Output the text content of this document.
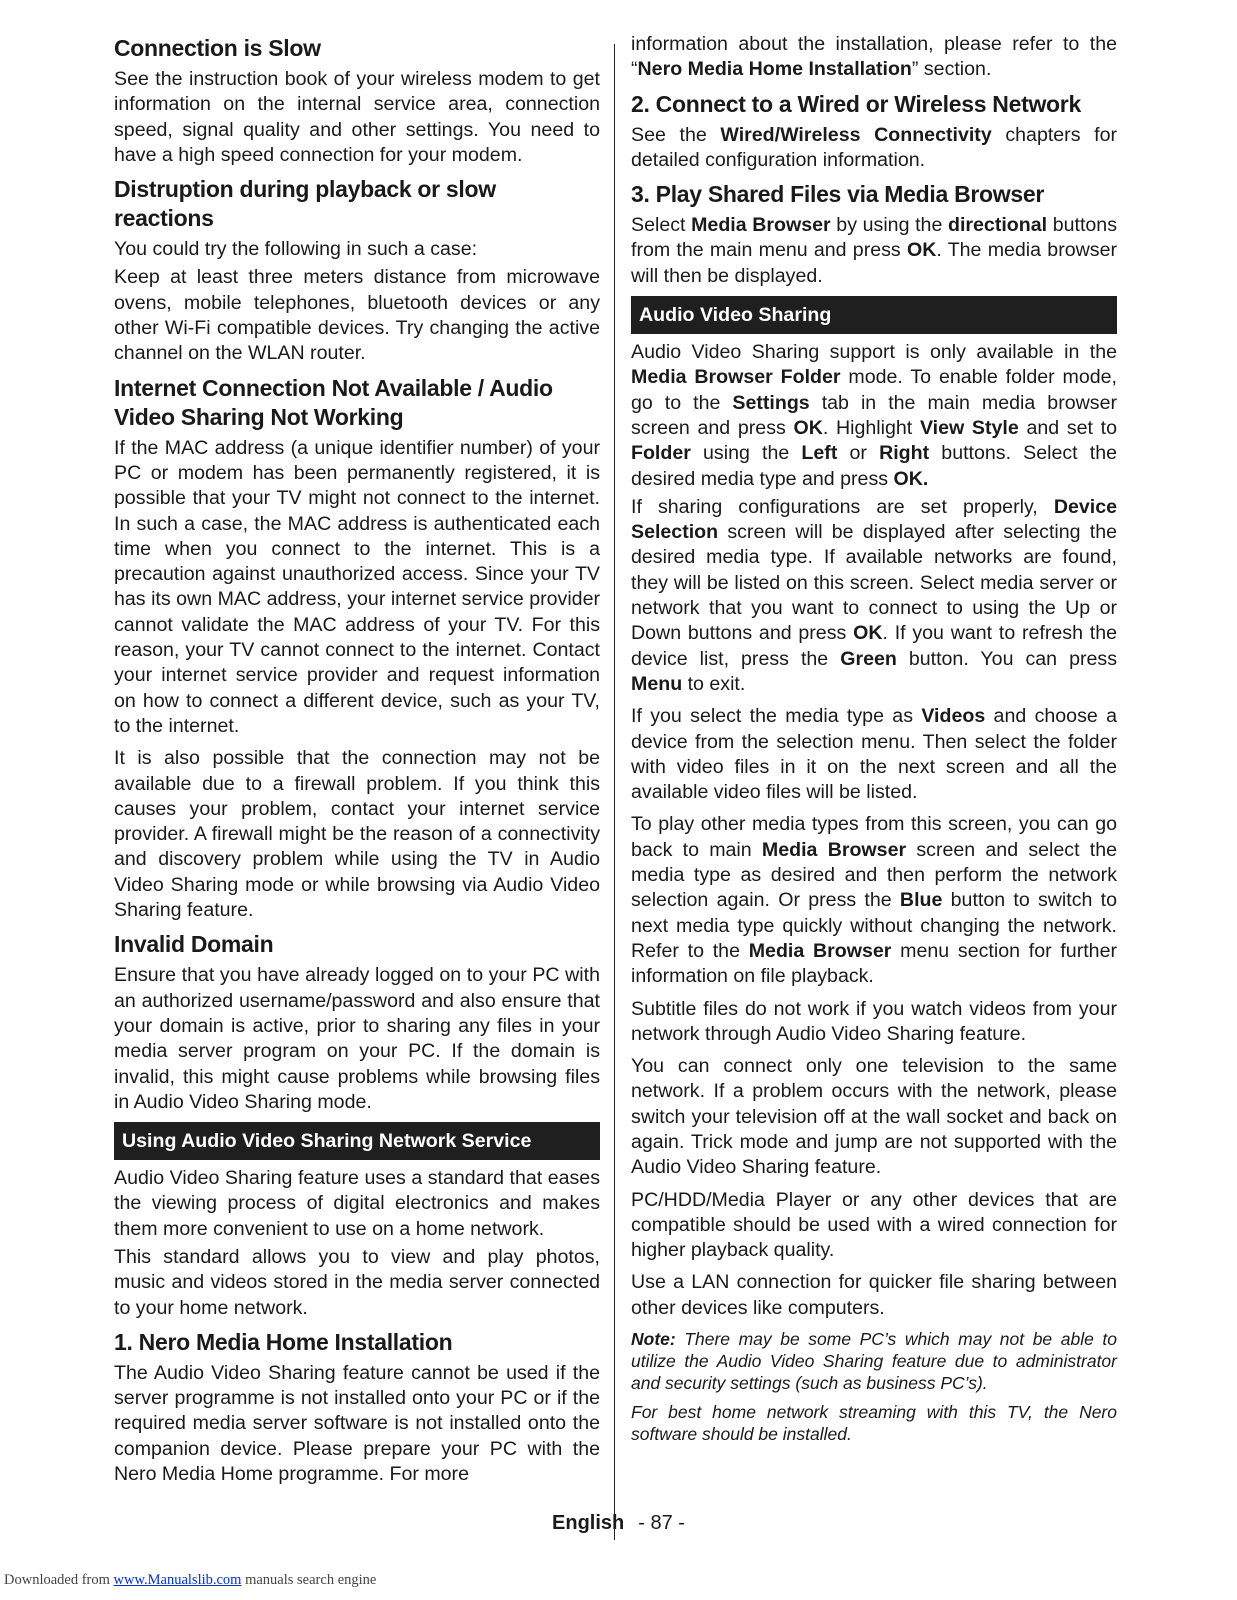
Connection is Slow

See the instruction book of your wireless modem to get information on the internal service area, connection speed, signal quality and other settings. You need to have a high speed connection for your modem.

Distruption during playback or slow reactions

You could try the following in such a case:

Keep at least three meters distance from microwave ovens, mobile telephones, bluetooth devices or any other Wi-Fi compatible devices. Try changing the active channel on the WLAN router.

Internet Connection Not Available / Audio Video Sharing Not Working

If the MAC address (a unique identifier number) of your PC or modem has been permanently registered, it is possible that your TV might not connect to the internet. In such a case, the MAC address is authenticated each time when you connect to the internet. This is a precaution against unauthorized access. Since your TV has its own MAC address, your internet service provider cannot validate the MAC address of your TV. For this reason, your TV cannot connect to the internet. Contact your internet service provider and request information on how to connect a different device, such as your TV, to the internet.

It is also possible that the connection may not be available due to a firewall problem. If you think this causes your problem, contact your internet service provider. A firewall might be the reason of a connectivity and discovery problem while using the TV in Audio Video Sharing mode or while browsing via Audio Video Sharing feature.

Invalid Domain

Ensure that you have already logged on to your PC with an authorized username/password and also ensure that your domain is active, prior to sharing any files in your media server program on your PC. If the domain is invalid, this might cause problems while browsing files in Audio Video Sharing mode.

Using Audio Video Sharing Network Service

Audio Video Sharing feature uses a standard that eases the viewing process of digital electronics and makes them more convenient to use on a home network.

This standard allows you to view and play photos, music and videos stored in the media server connected to your home network.

1. Nero Media Home Installation

The Audio Video Sharing feature cannot be used if the server programme is not installed onto your PC or if the required media server software is not installed onto the companion device. Please prepare your PC with the Nero Media Home programme. For more

information about the installation, please refer to the “Nero Media Home Installation” section.

2. Connect to a Wired or Wireless Network

See the Wired/Wireless Connectivity chapters for detailed configuration information.

3. Play Shared Files via Media Browser

Select Media Browser by using the directional buttons from the main menu and press OK. The media browser will then be displayed.

Audio Video Sharing

Audio Video Sharing support is only available in the Media Browser Folder mode. To enable folder mode, go to the Settings tab in the main media browser screen and press OK. Highlight View Style and set to Folder using the Left or Right buttons. Select the desired media type and press OK.

If sharing configurations are set properly, Device Selection screen will be displayed after selecting the desired media type. If available networks are found, they will be listed on this screen. Select media server or network that you want to connect to using the Up or Down buttons and press OK. If you want to refresh the device list, press the Green button. You can press Menu to exit.

If you select the media type as Videos and choose a device from the selection menu. Then select the folder with video files in it on the next screen and all the available video files will be listed.

To play other media types from this screen, you can go back to main Media Browser screen and select the media type as desired and then perform the network selection again. Or press the Blue button to switch to next media type quickly without changing the network. Refer to the Media Browser menu section for further information on file playback.

Subtitle files do not work if you watch videos from your network through Audio Video Sharing feature.

You can connect only one television to the same network. If a problem occurs with the network, please switch your television off at the wall socket and back on again. Trick mode and jump are not supported with the Audio Video Sharing feature.

PC/HDD/Media Player or any other devices that are compatible should be used with a wired connection for higher playback quality.

Use a LAN connection for quicker file sharing between other devices like computers.

Note: There may be some PC’s which may not be able to utilize the Audio Video Sharing feature due to administrator and security settings (such as business PC’s).

For best home network streaming with this TV, the Nero software should be installed.

English - 87 -
Downloaded from www.Manualslib.com manuals search engine
